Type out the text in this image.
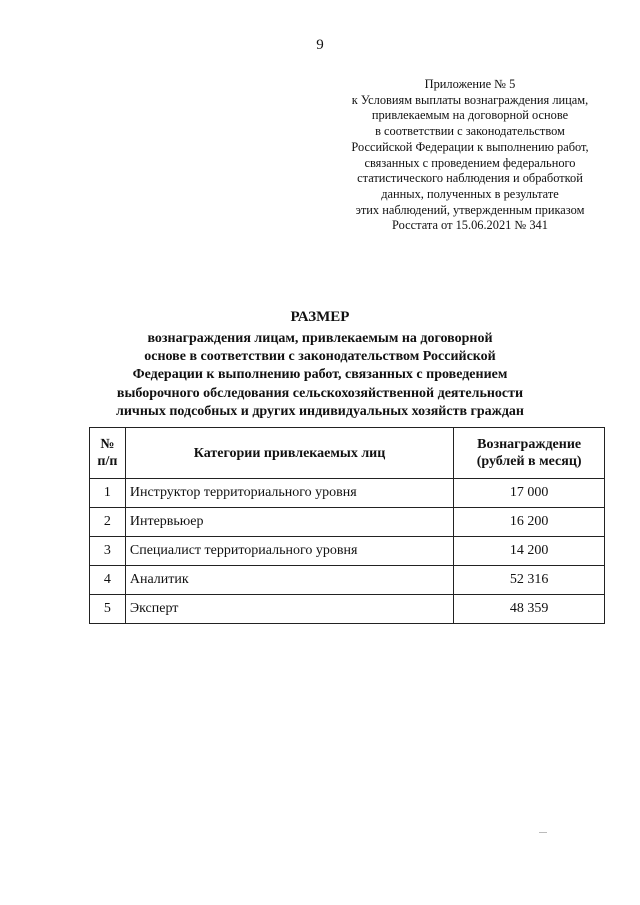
9
Приложение № 5
к Условиям выплаты вознаграждения лицам,
привлекаемым на договорной основе
в соответствии с законодательством
Российской Федерации к выполнению работ,
связанных с проведением федерального
статистического наблюдения и обработкой
данных, полученных в результате
этих наблюдений, утвержденным приказом
Росстата от 15.06.2021 № 341
РАЗМЕР
вознаграждения лицам, привлекаемым на договорной
основе в соответствии с законодательством Российской
Федерации к выполнению работ, связанных с проведением
выборочного обследования сельскохозяйственной деятельности
личных подсобных и других индивидуальных хозяйств граждан
№
п/п	Категории привлекаемых лиц	Вознаграждение
(рублей в месяц)

1	Инструктор территориального уровня	17 000
2	Интервьюер	16 200
3	Специалист территориального уровня	14 200
4	Аналитик	52 316
5	Эксперт	48 359
